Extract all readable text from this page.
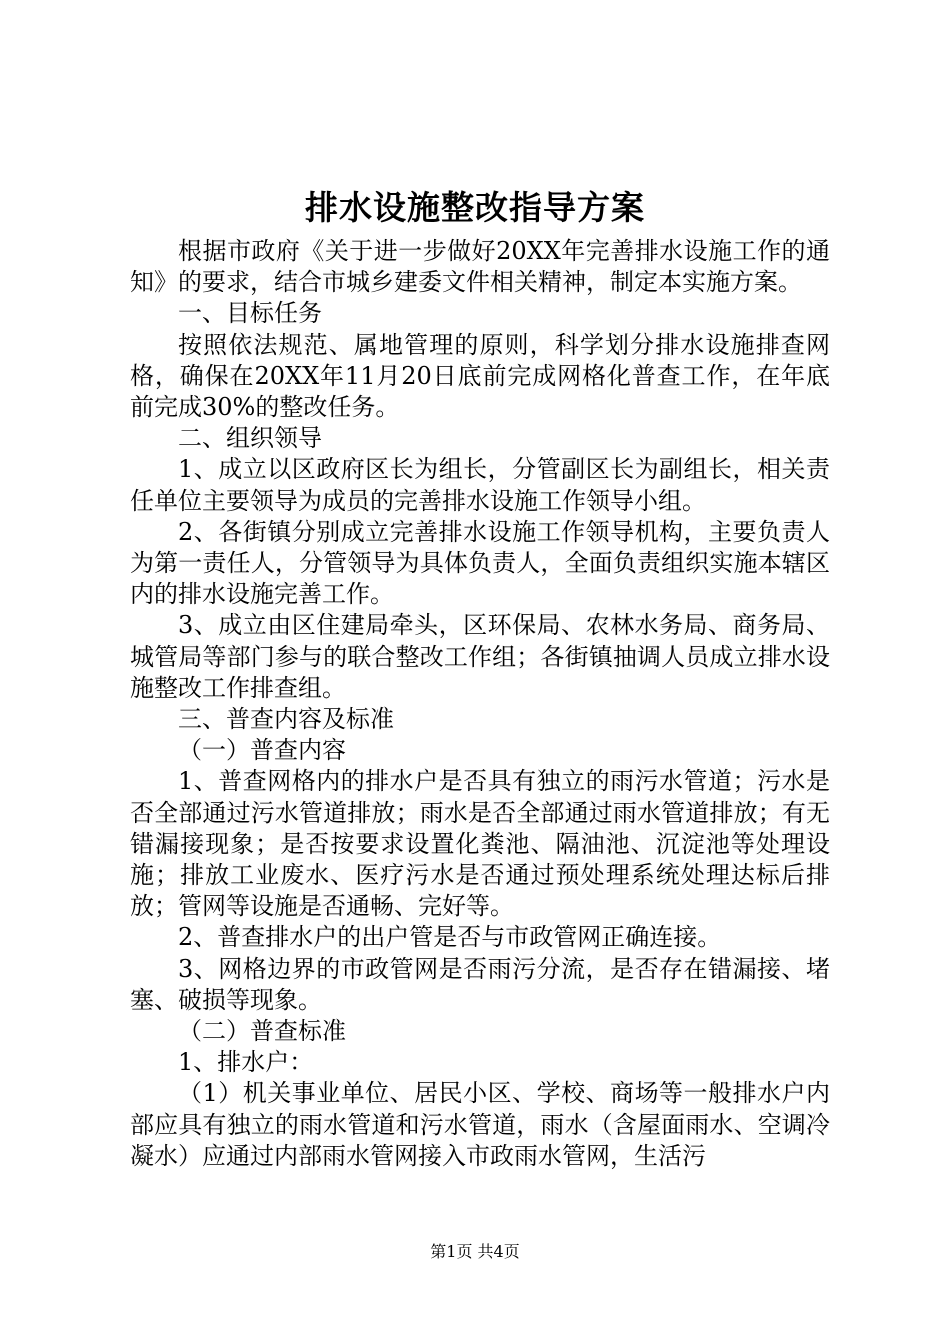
排水设施整改指导方案

根据市政府《关于进一步做好20XX年完善排水设施工作的通知》的要求，结合市城乡建委文件相关精神，制定本实施方案。

一、目标任务

按照依法规范、属地管理的原则，科学划分排水设施排查网格，确保在20XX年11月20日底前完成网格化普查工作，在年底前完成30%的整改任务。

二、组织领导

1、成立以区政府区长为组长，分管副区长为副组长，相关责任单位主要领导为成员的完善排水设施工作领导小组。

2、各街镇分别成立完善排水设施工作领导机构，主要负责人为第一责任人，分管领导为具体负责人，全面负责组织实施本辖区内的排水设施完善工作。

3、成立由区住建局牵头，区环保局、农林水务局、商务局、城管局等部门参与的联合整改工作组；各街镇抽调人员成立排水设施整改工作排查组。

三、普查内容及标准

（一）普查内容

1、普查网格内的排水户是否具有独立的雨污水管道；污水是否全部通过污水管道排放；雨水是否全部通过雨水管道排放；有无错漏接现象；是否按要求设置化粪池、隔油池、沉淀池等处理设施；排放工业废水、医疗污水是否通过预处理系统处理达标后排放；管网等设施是否通畅、完好等。

2、普查排水户的出户管是否与市政管网正确连接。

3、网格边界的市政管网是否雨污分流，是否存在错漏接、堵塞、破损等现象。

（二）普查标准

1、排水户：

（1）机关事业单位、居民小区、学校、商场等一般排水户内部应具有独立的雨水管道和污水管道，雨水（含屋面雨水、空调冷凝水）应通过内部雨水管网接入市政雨水管网，生活污

第1页 共4页
